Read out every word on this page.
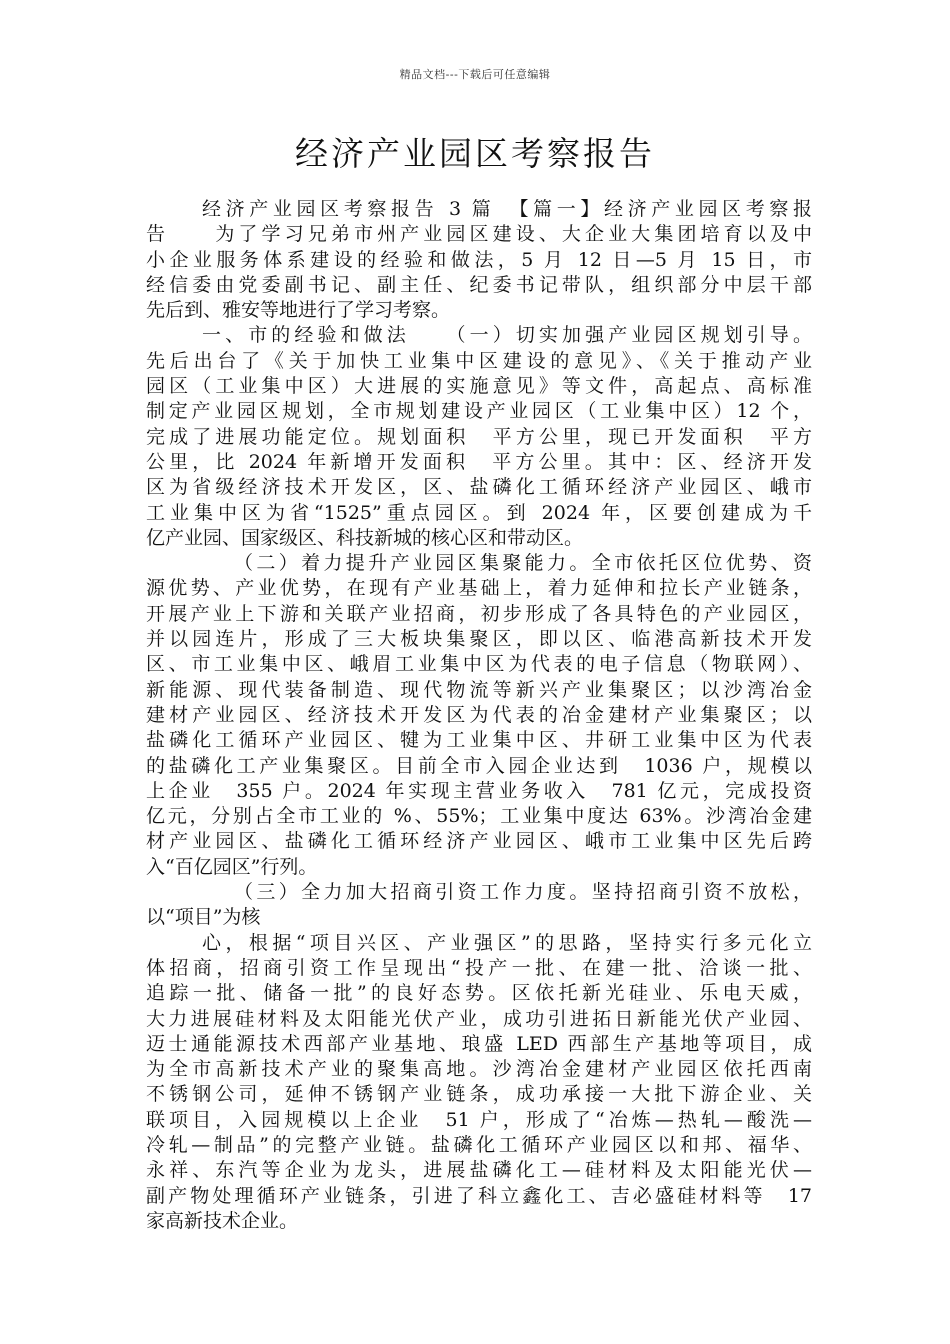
精品文档---下载后可任意编辑
经济产业园区考察报告
经济产业园区考察报告 3 篇　【篇一】经济产业园区考察报
告　　为了学习兄弟市州产业园区建设、大企业大集团培育以及中
小企业服务体系建设的经验和做法，5 月 12 日—5 月 15 日，市
经信委由党委副书记、副主任、纪委书记带队，组织部分中层干部
先后到、雅安等地进行了学习考察。
一、市的经验和做法　　（一）切实加强产业园区规划引导。
先后出台了《关于加快工业集中区建设的意见》、《关于推动产业
园区（工业集中区）大进展的实施意见》等文件，高起点、高标准
制定产业园区规划，全市规划建设产业园区（工业集中区）12 个，
完成了进展功能定位。规划面积　平方公里，现已开发面积　平方
公里，比 2024 年新增开发面积　平方公里。其中：区、经济开发
区为省级经济技术开发区，区、盐磷化工循环经济产业园区、峨市
工业集中区为省“1525”重点园区。到 2024 年，区要创建成为千
亿产业园、国家级区、科技新城的核心区和带动区。
（二）着力提升产业园区集聚能力。全市依托区位优势、资
源优势、产业优势，在现有产业基础上，着力延伸和拉长产业链条，
开展产业上下游和关联产业招商，初步形成了各具特色的产业园区，
并以园连片，形成了三大板块集聚区，即以区、临港高新技术开发
区、市工业集中区、峨眉工业集中区为代表的电子信息（物联网）、
新能源、现代装备制造、现代物流等新兴产业集聚区；以沙湾冶金
建材产业园区、经济技术开发区为代表的冶金建材产业集聚区；以
盐磷化工循环产业园区、犍为工业集中区、井研工业集中区为代表
的盐磷化工产业集聚区。目前全市入园企业达到　1036 户，规模以
上企业　355 户。2024 年实现主营业务收入　781 亿元，完成投资
亿元，分别占全市工业的 %、55%；工业集中度达 63%。沙湾冶金建
材产业园区、盐磷化工循环经济产业园区、峨市工业集中区先后跨
入“百亿园区”行列。
（三）全力加大招商引资工作力度。坚持招商引资不放松，
以“项目”为核
心，根据“项目兴区、产业强区”的思路，坚持实行多元化立
体招商，招商引资工作呈现出“投产一批、在建一批、洽谈一批、
追踪一批、储备一批”的良好态势。区依托新光硅业、乐电天威，
大力进展硅材料及太阳能光伏产业，成功引进拓日新能光伏产业园、
迈士通能源技术西部产业基地、琅盛 LED 西部生产基地等项目，成
为全市高新技术产业的聚集高地。沙湾冶金建材产业园区依托西南
不锈钢公司，延伸不锈钢产业链条，成功承接一大批下游企业、关
联项目，入园规模以上企业　51 户，形成了“冶炼—热轧—酸洗—
冷轧—制品”的完整产业链。盐磷化工循环产业园区以和邦、福华、
永祥、东汽等企业为龙头，进展盐磷化工—硅材料及太阳能光伏—
副产物处理循环产业链条，引进了科立鑫化工、吉必盛硅材料等　17
家高新技术企业。
